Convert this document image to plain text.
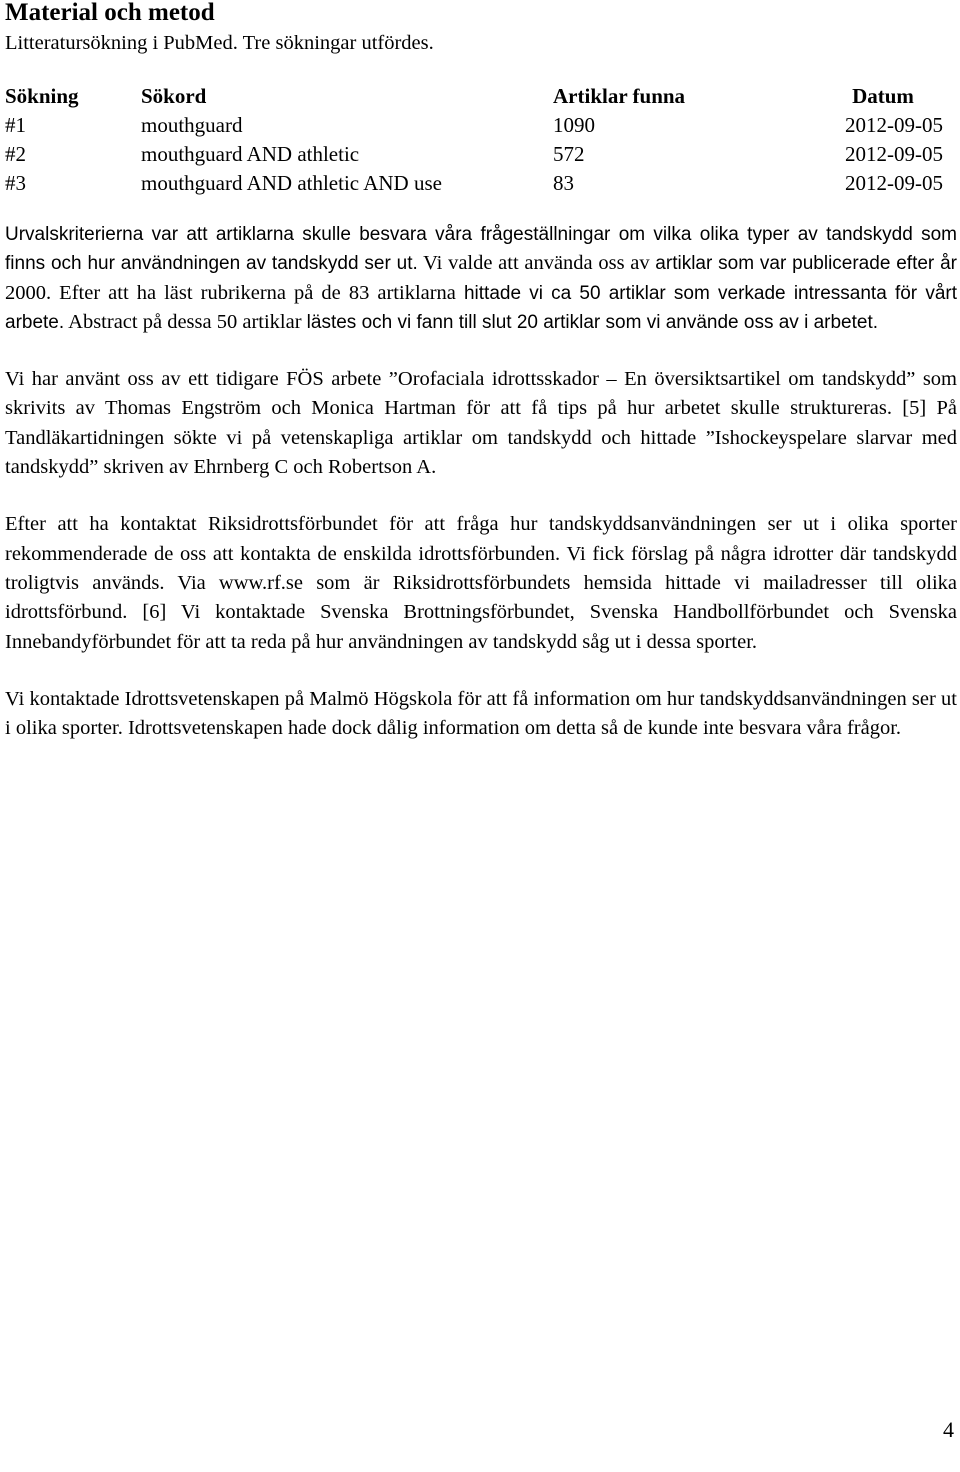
Material och metod

Litteratursökning i PubMed. Tre sökningar utfördes.

Sökning	Sökord	Artiklar funna	Datum
#1	mouthguard	1090	2012-09-05
#2	mouthguard AND athletic	572	2012-09-05
#3	mouthguard AND athletic AND use	83	2012-09-05

Urvalskriterierna var att artiklarna skulle besvara våra frågeställningar om vilka olika typer av tandskydd som finns och hur användningen av tandskydd ser ut. Vi valde att använda oss av artiklar som var publicerade efter år 2000. Efter att ha läst rubrikerna på de 83 artiklarna hittade vi ca 50 artiklar som verkade intressanta för vårt arbete. Abstract på dessa 50 artiklar lästes och vi fann till slut 20 artiklar som vi använde oss av i arbetet.

Vi har använt oss av ett tidigare FÖS arbete ”Orofaciala idrottsskador – En översiktsartikel om tandskydd” som skrivits av Thomas Engström och Monica Hartman för att få tips på hur arbetet skulle struktureras. [5] På Tandläkartidningen sökte vi på vetenskapliga artiklar om tandskydd och hittade ”Ishockeyspelare slarvar med tandskydd” skriven av Ehrnberg C och Robertson A.

Efter att ha kontaktat Riksidrottsförbundet för att fråga hur tandskyddsanvändningen ser ut i olika sporter rekommenderade de oss att kontakta de enskilda idrottsförbunden. Vi fick förslag på några idrotter där tandskydd troligtvis används. Via www.rf.se som är Riksidrottsförbundets hemsida hittade vi mailadresser till olika idrottsförbund. [6] Vi kontaktade Svenska Brottningsförbundet, Svenska Handbollförbundet och Svenska Innebandyförbundet för att ta reda på hur användningen av tandskydd såg ut i dessa sporter.

Vi kontaktade Idrottsvetenskapen på Malmö Högskola för att få information om hur tandskyddsanvändningen ser ut i olika sporter. Idrottsvetenskapen hade dock dålig information om detta så de kunde inte besvara våra frågor.

4
